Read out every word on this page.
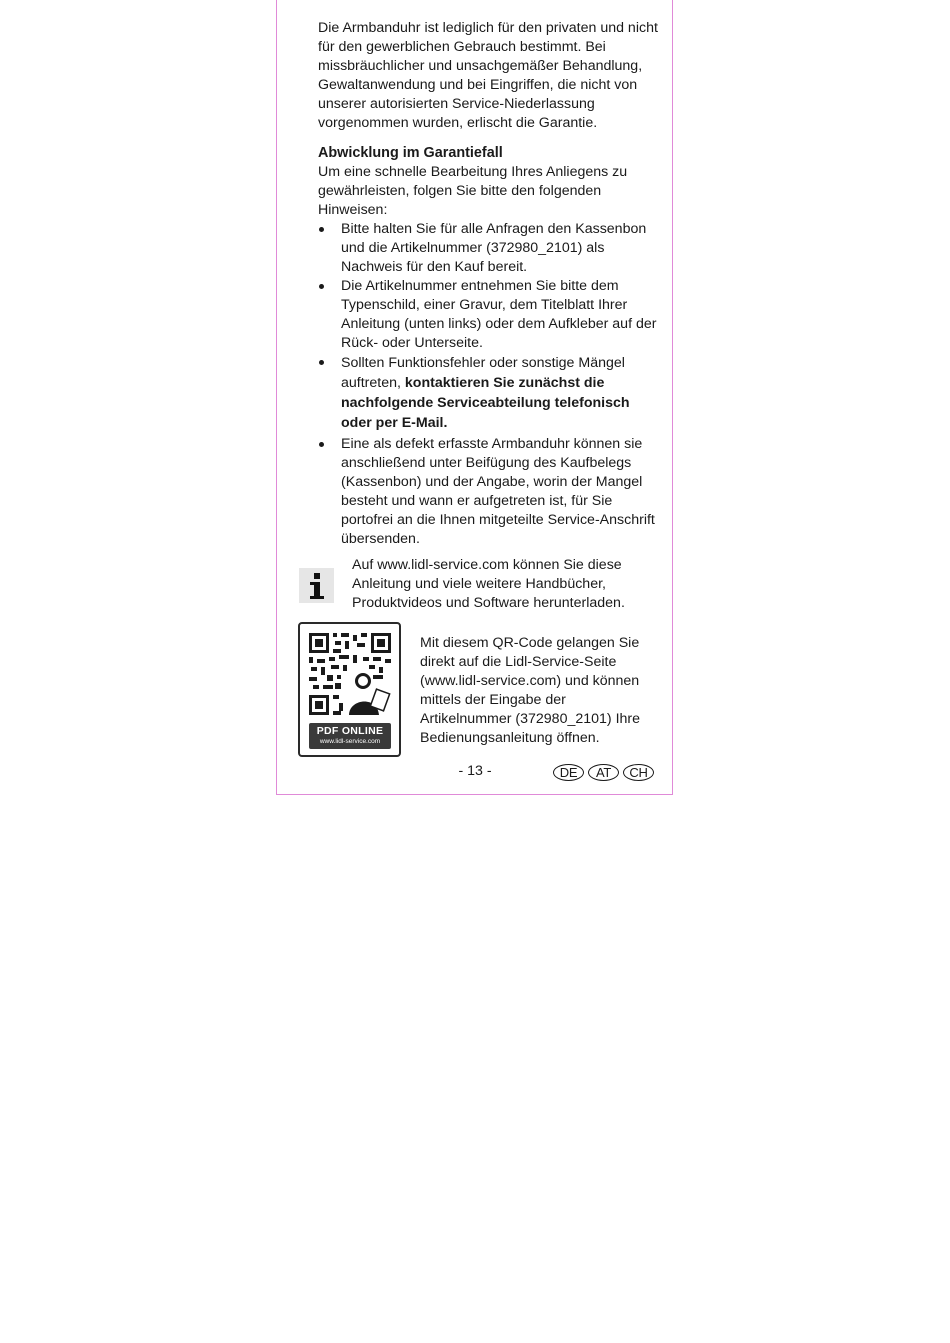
Die Armbanduhr ist lediglich für den privaten und nicht für den gewerblichen Gebrauch bestimmt. Bei missbräuchlicher und unsachgemäßer Behandlung, Gewaltanwendung und bei Eingriffen, die nicht von unserer autorisierten Service-Niederlassung vorgenommen wurden, erlischt die Garantie.

Abwicklung im Garantiefall

Um eine schnelle Bearbeitung Ihres Anliegens zu gewährleisten, folgen Sie bitte den folgenden Hinweisen:

Bitte halten Sie für alle Anfragen den Kassenbon und die Artikelnummer (372980_2101) als Nachweis für den Kauf bereit.
Die Artikelnummer entnehmen Sie bitte dem Typenschild, einer Gravur, dem Titelblatt Ihrer Anleitung (unten links) oder dem Aufkleber auf der Rück- oder Unterseite.
Sollten Funktionsfehler oder sonstige Mängel auftreten, kontaktieren Sie zunächst die nachfolgende Serviceabteilung telefonisch oder per E-Mail.
Eine als defekt erfasste Armbanduhr können sie anschließend unter Beifügung des Kaufbelegs (Kassenbon) und der Angabe, worin der Mangel besteht und wann er aufgetreten ist, für Sie portofrei an die Ihnen mitgeteilte Service-Anschrift übersenden.
Auf www.lidl-service.com können Sie diese Anleitung und viele weitere Handbücher, Produktvideos und Software herunterladen.
PDF ONLINE
www.lidl-service.com
Mit diesem QR-Code gelangen Sie direkt auf die Lidl-Service-Seite (www.lidl-service.com) und können mittels der Eingabe der Artikelnummer (372980_2101) Ihre Bedienungsanleitung öffnen.
- 13 -	DE	AT	CH
